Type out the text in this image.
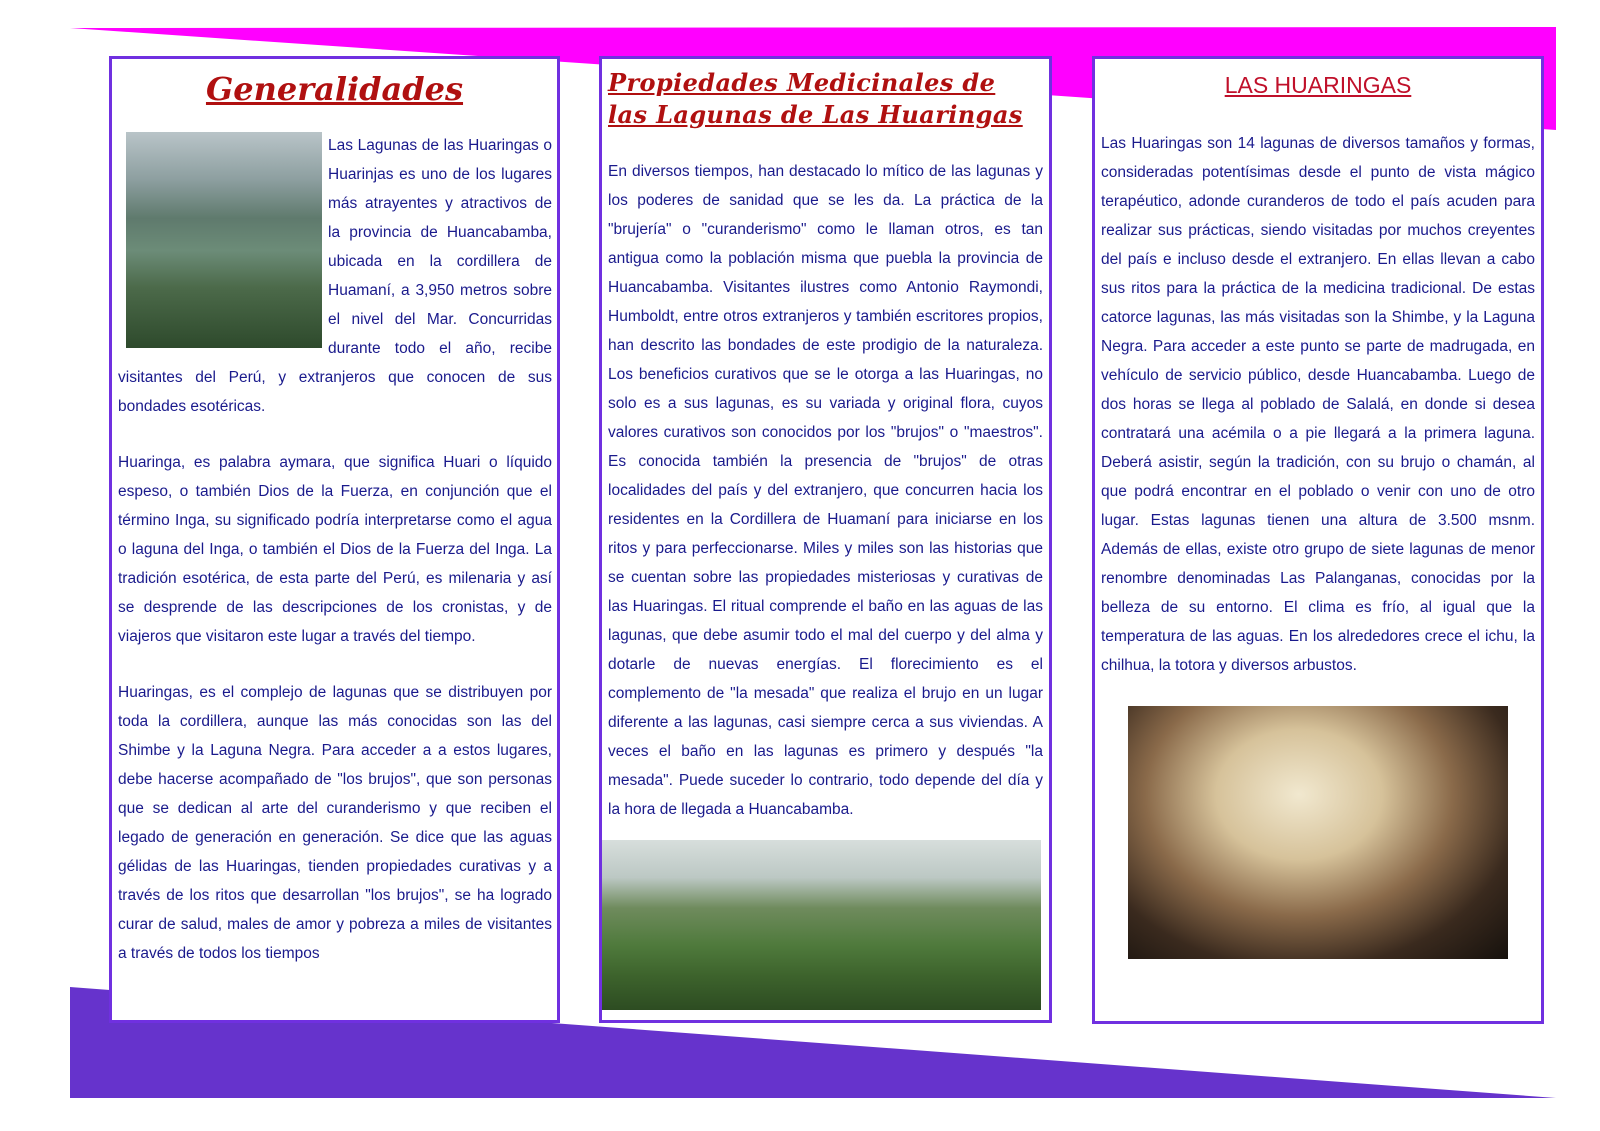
Generalidades

Las Lagunas de las Huaringas o Huarinjas es uno de los lugares más atrayentes y atractivos de la provincia de Huancabamba, ubicada en la cordillera de Huamaní, a 3,950 metros sobre el nivel del Mar. Concurridas durante todo el año, recibe visitantes del Perú, y extranjeros que conocen de sus bondades esotéricas.

Huaringa, es palabra aymara, que significa Huari o líquido espeso, o también Dios de la Fuerza, en conjunción que el término Inga, su significado podría interpretarse como el agua o laguna del Inga, o también el Dios de la Fuerza del Inga. La tradición esotérica, de esta parte del Perú, es milenaria y así se desprende de las descripciones de los cronistas, y de viajeros que visitaron este lugar a través del tiempo.

Huaringas, es el complejo de lagunas que se distribuyen por toda la cordillera, aunque las más conocidas son las del Shimbe y la Laguna Negra. Para acceder a a estos lugares, debe hacerse acompañado de "los brujos", que son personas que se dedican al arte del curanderismo y que reciben el legado de generación en generación. Se dice que las aguas gélidas de las Huaringas, tienden propiedades curativas y a través de los ritos que desarrollan "los brujos", se ha logrado curar de salud, males de amor y pobreza a miles de visitantes a través de todos los tiempos

Propiedades Medicinales de las Lagunas de Las Huaringas

En diversos tiempos, han destacado lo mítico de las lagunas y los poderes de sanidad que se les da. La práctica de la "brujería" o "curanderismo" como le llaman otros, es tan antigua como la población misma que puebla la provincia de Huancabamba. Visitantes ilustres como Antonio Raymondi, Humboldt, entre otros extranjeros y también escritores propios, han descrito las bondades de este prodigio de la naturaleza. Los beneficios curativos que se le otorga a las Huaringas, no solo es a sus lagunas, es su variada y original flora, cuyos valores curativos son conocidos por los "brujos" o "maestros". Es conocida también la presencia de "brujos" de otras localidades del país y del extranjero, que concurren hacia los residentes en la Cordillera de Huamaní para iniciarse en los ritos y para perfeccionarse. Miles y miles son las historias que se cuentan sobre las propiedades misteriosas y curativas de las Huaringas. El ritual comprende el baño en las aguas de las lagunas, que debe asumir todo el mal del cuerpo y del alma y dotarle de nuevas energías. El florecimiento es el complemento de "la mesada" que realiza el brujo en un lugar diferente a las lagunas, casi siempre cerca a sus viviendas. A veces el baño en las lagunas es primero y después "la mesada". Puede suceder lo contrario, todo depende del día y la hora de llegada a Huancabamba.

LAS HUARINGAS

Las Huaringas son 14 lagunas de diversos tamaños y formas, consideradas potentísimas desde el punto de vista mágico terapéutico, adonde curanderos de todo el país acuden para realizar sus prácticas, siendo visitadas por muchos creyentes del país e incluso desde el extranjero. En ellas llevan a cabo sus ritos para la práctica de la medicina tradicional. De estas catorce lagunas, las más visitadas son la Shimbe, y la Laguna Negra. Para acceder a este punto se parte de madrugada, en vehículo de servicio público, desde Huancabamba. Luego de dos horas se llega al poblado de Salalá, en donde si desea contratará una acémila o a pie llegará a la primera laguna. Deberá asistir, según la tradición, con su brujo o chamán, al que podrá encontrar en el poblado o venir con uno de otro lugar. Estas lagunas tienen una altura de 3.500 msnm. Además de ellas, existe otro grupo de siete lagunas de menor renombre denominadas Las Palanganas, conocidas por la belleza de su entorno. El clima es frío, al igual que la temperatura de las aguas. En los alrededores crece el ichu, la chilhua, la totora y diversos arbustos.
